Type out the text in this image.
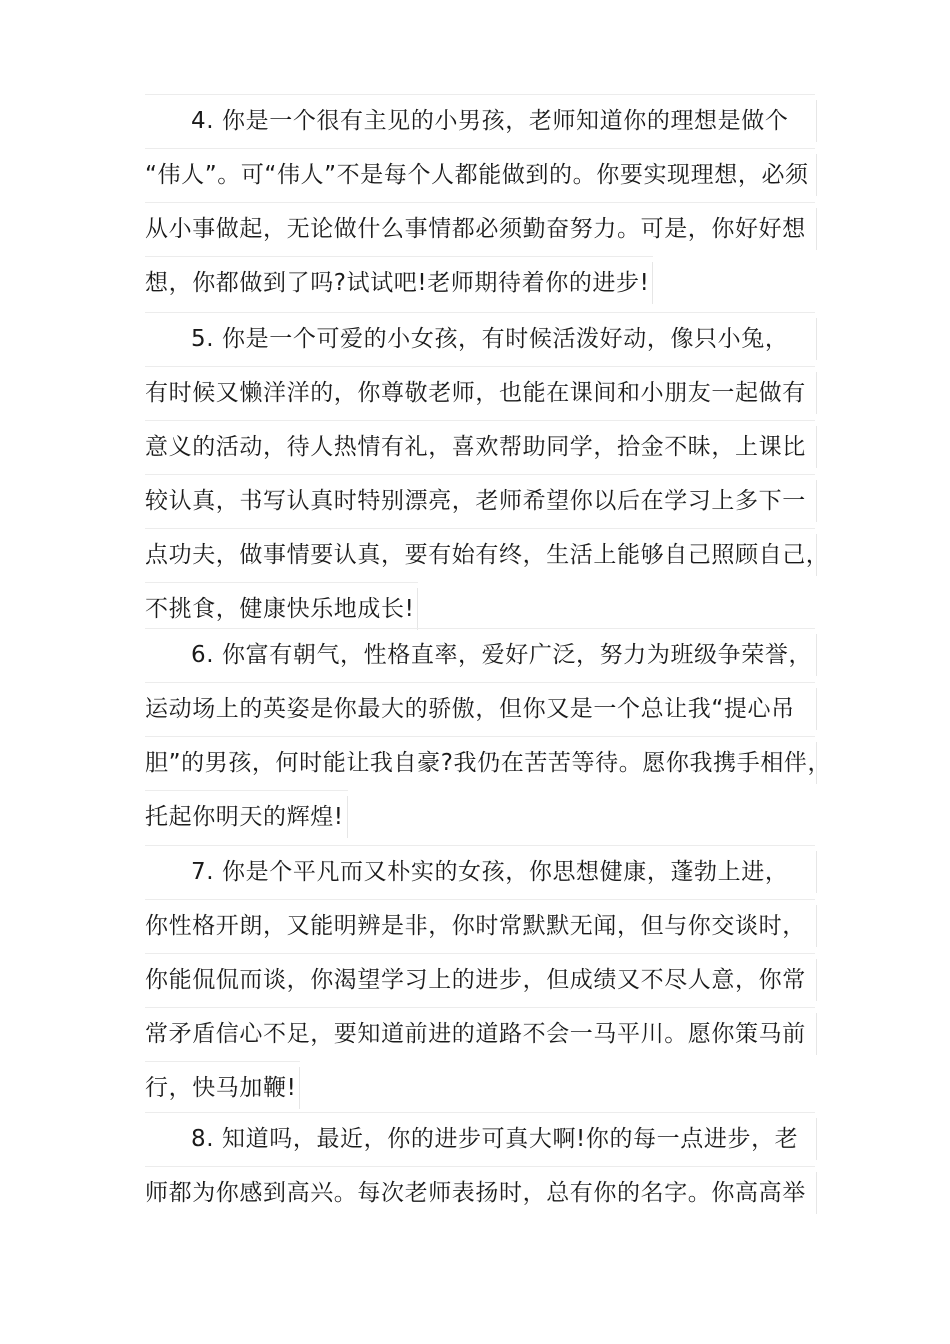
4. 你是一个很有主见的小男孩，老师知道你的理想是做个
“伟人”。可“伟人”不是每个人都能做到的。你要实现理想，必须
从小事做起，无论做什么事情都必须勤奋努力。可是，你好好想
想，你都做到了吗?试试吧!老师期待着你的进步!
5. 你是一个可爱的小女孩，有时候活泼好动，像只小兔，
有时候又懒洋洋的，你尊敬老师，也能在课间和小朋友一起做有
意义的活动，待人热情有礼，喜欢帮助同学，拾金不昧，上课比
较认真，书写认真时特别漂亮，老师希望你以后在学习上多下一
点功夫，做事情要认真，要有始有终，生活上能够自己照顾自己，
不挑食，健康快乐地成长!
6. 你富有朝气，性格直率，爱好广泛，努力为班级争荣誉，
运动场上的英姿是你最大的骄傲，但你又是一个总让我“提心吊
胆”的男孩，何时能让我自豪?我仍在苦苦等待。愿你我携手相伴，
托起你明天的辉煌!
7. 你是个平凡而又朴实的女孩，你思想健康，蓬勃上进，
你性格开朗，又能明辨是非，你时常默默无闻，但与你交谈时，
你能侃侃而谈，你渴望学习上的进步，但成绩又不尽人意，你常
常矛盾信心不足，要知道前进的道路不会一马平川。愿你策马前
行，快马加鞭!
8. 知道吗，最近，你的进步可真大啊!你的每一点进步，老
师都为你感到高兴。每次老师表扬时，总有你的名字。你高高举
